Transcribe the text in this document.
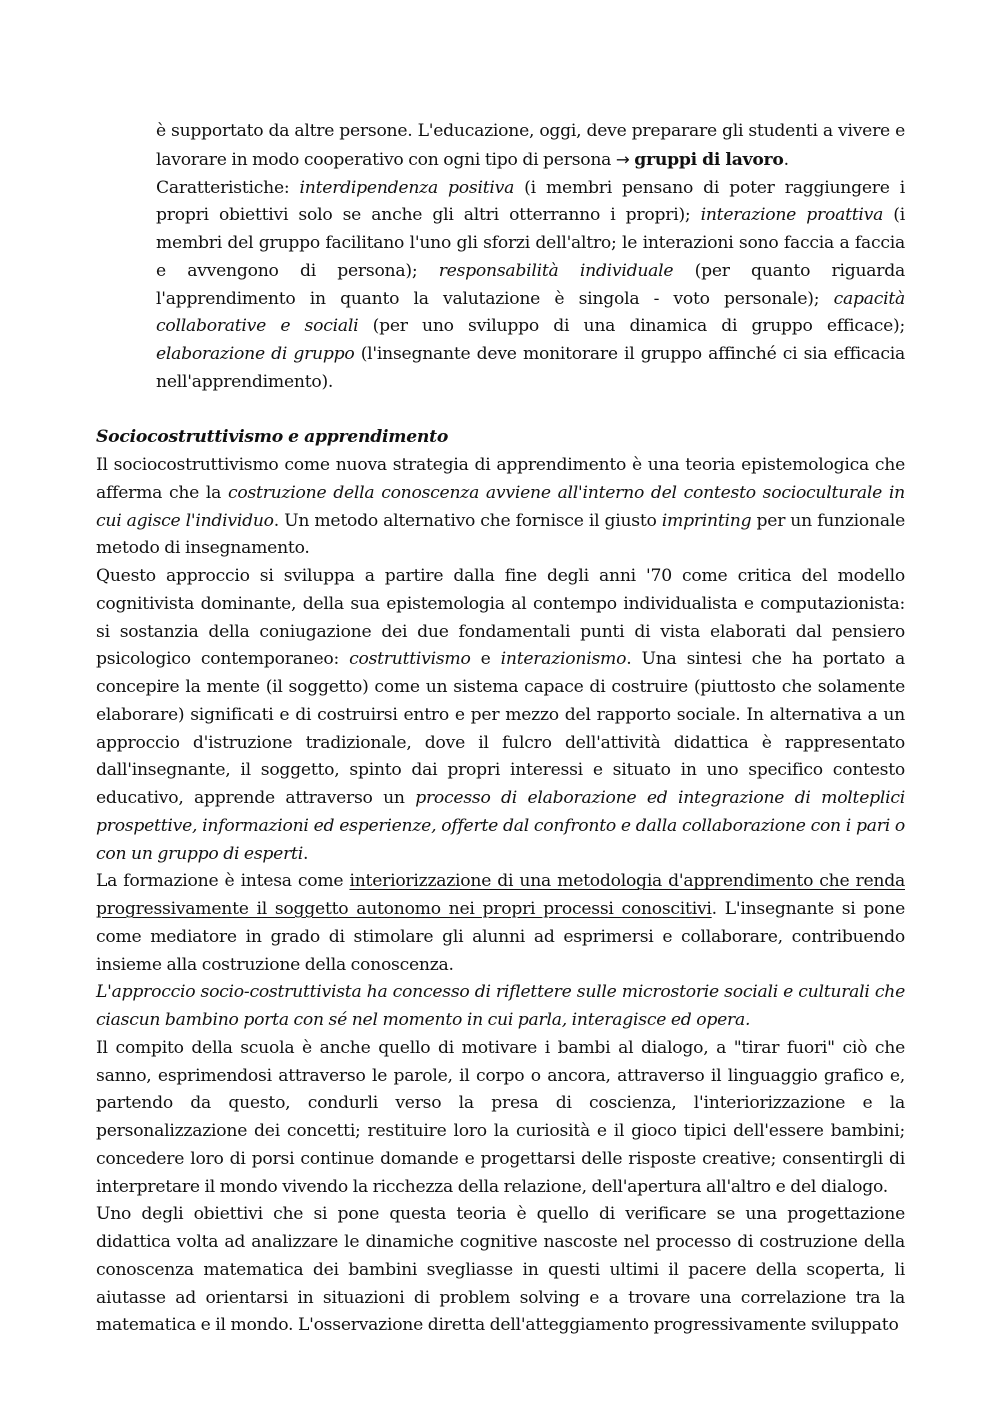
è supportato da altre persone. L'educazione, oggi, deve preparare gli studenti a vivere e lavorare in modo cooperativo con ogni tipo di persona → gruppi di lavoro.

Caratteristiche: interdipendenza positiva (i membri pensano di poter raggiungere i propri obiettivi solo se anche gli altri otterranno i propri); interazione proattiva (i membri del gruppo facilitano l'uno gli sforzi dell'altro; le interazioni sono faccia a faccia e avvengono di persona); responsabilità individuale (per quanto riguarda l'apprendimento in quanto la valutazione è singola - voto personale); capacità collaborative e sociali (per uno sviluppo di una dinamica di gruppo efficace); elaborazione di gruppo (l'insegnante deve monitorare il gruppo affinché ci sia efficacia nell'apprendimento).

Sociocostruttivismo e apprendimento

Il sociocostruttivismo come nuova strategia di apprendimento è una teoria epistemologica che afferma che la costruzione della conoscenza avviene all'interno del contesto socioculturale in cui agisce l'individuo. Un metodo alternativo che fornisce il giusto imprinting per un funzionale metodo di insegnamento.

Questo approccio si sviluppa a partire dalla fine degli anni '70 come critica del modello cognitivista dominante, della sua epistemologia al contempo individualista e computazionista: si sostanzia della coniugazione dei due fondamentali punti di vista elaborati dal pensiero psicologico contemporaneo: costruttivismo e interazionismo. Una sintesi che ha portato a concepire la mente (il soggetto) come un sistema capace di costruire (piuttosto che solamente elaborare) significati e di costruirsi entro e per mezzo del rapporto sociale. In alternativa a un approccio d'istruzione tradizionale, dove il fulcro dell'attività didattica è rappresentato dall'insegnante, il soggetto, spinto dai propri interessi e situato in uno specifico contesto educativo, apprende attraverso un processo di elaborazione ed integrazione di molteplici prospettive, informazioni ed esperienze, offerte dal confronto e dalla collaborazione con i pari o con un gruppo di esperti.

La formazione è intesa come interiorizzazione di una metodologia d'apprendimento che renda progressivamente il soggetto autonomo nei propri processi conoscitivi. L'insegnante si pone come mediatore in grado di stimolare gli alunni ad esprimersi e collaborare, contribuendo insieme alla costruzione della conoscenza.

L'approccio socio-costruttivista ha concesso di riflettere sulle microstorie sociali e culturali che ciascun bambino porta con sé nel momento in cui parla, interagisce ed opera.

Il compito della scuola è anche quello di motivare i bambi al dialogo, a "tirar fuori" ciò che sanno, esprimendosi attraverso le parole, il corpo o ancora, attraverso il linguaggio grafico e, partendo da questo, condurli verso la presa di coscienza, l'interiorizzazione e la personalizzazione dei concetti; restituire loro la curiosità e il gioco tipici dell'essere bambini; concedere loro di porsi continue domande e progettarsi delle risposte creative; consentirgli di interpretare il mondo vivendo la ricchezza della relazione, dell'apertura all'altro e del dialogo.

Uno degli obiettivi che si pone questa teoria è quello di verificare se una progettazione didattica volta ad analizzare le dinamiche cognitive nascoste nel processo di costruzione della conoscenza matematica dei bambini svegliasse in questi ultimi il pacere della scoperta, li aiutasse ad orientarsi in situazioni di problem solving e a trovare una correlazione tra la matematica e il mondo. L'osservazione diretta dell'atteggiamento progressivamente sviluppato
